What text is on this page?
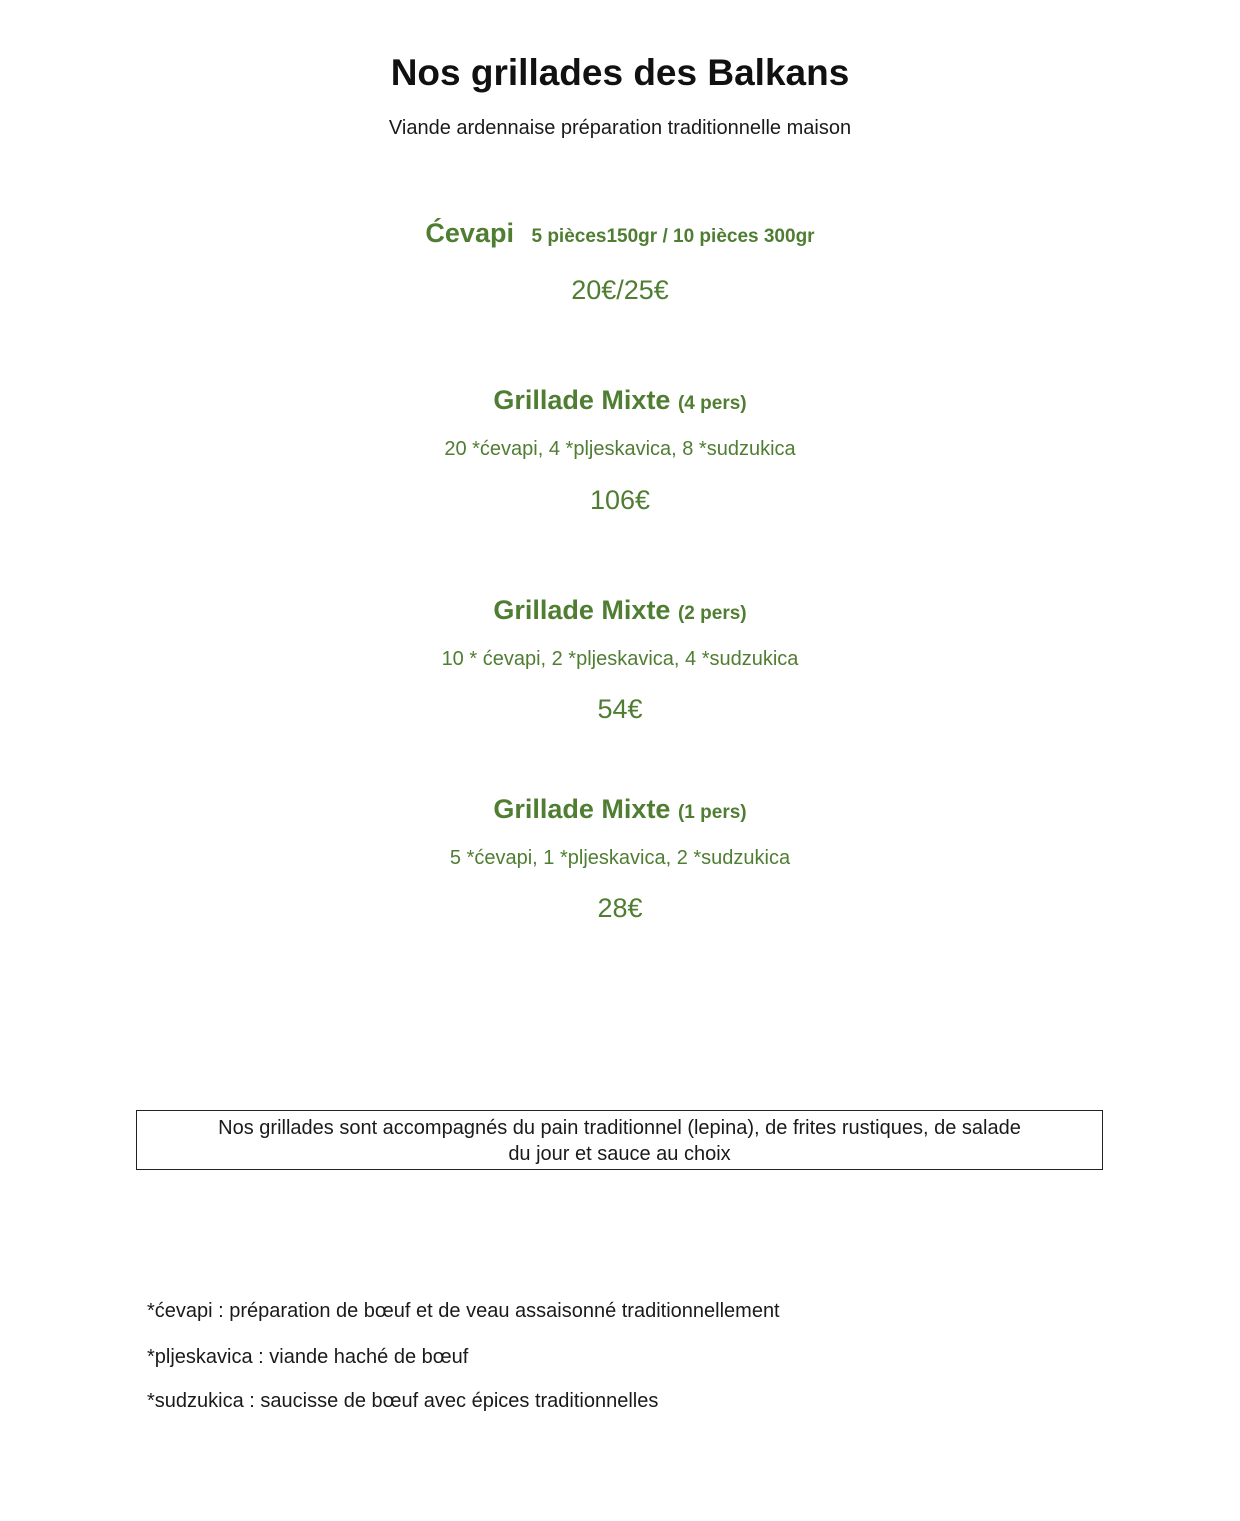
Nos grillades des Balkans
Viande ardennaise préparation traditionnelle maison
Ćevapi 5 pièces150gr / 10 pièces 300gr
20€/25€
Grillade Mixte (4 pers)
20 *ćevapi, 4 *pljeskavica, 8 *sudzukica
106€
Grillade Mixte (2 pers)
10 * ćevapi, 2 *pljeskavica, 4 *sudzukica
54€
Grillade Mixte (1 pers)
5 *ćevapi, 1 *pljeskavica, 2 *sudzukica
28€
Nos grillades sont accompagnés du pain traditionnel (lepina), de frites rustiques, de salade
du jour et sauce au choix
*ćevapi : préparation de bœuf et de veau assaisonné traditionnellement
*pljeskavica : viande haché de bœuf
*sudzukica : saucisse de bœuf avec épices traditionnelles
